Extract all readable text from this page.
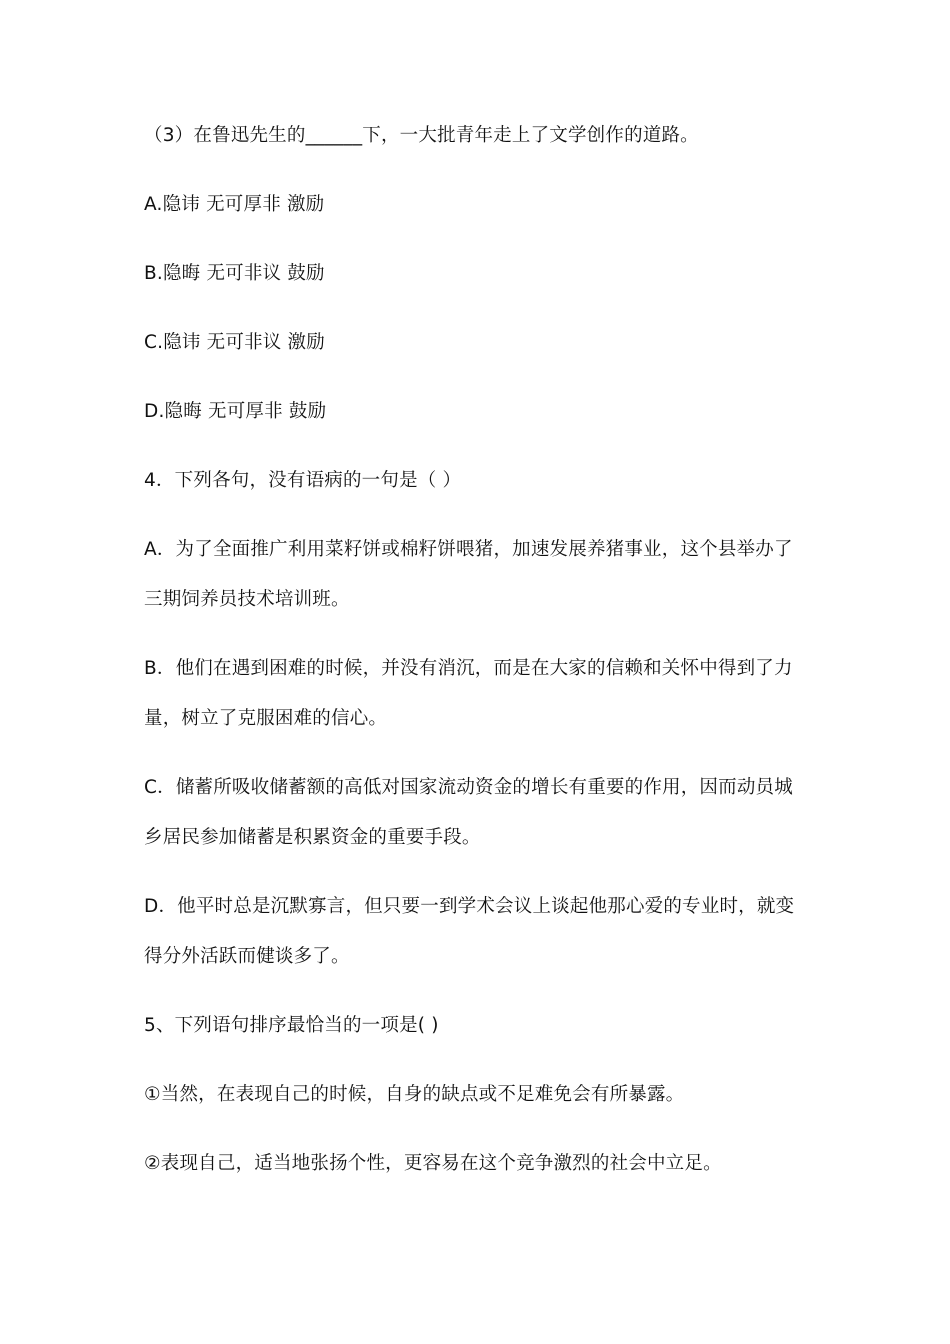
（3）在鲁迅先生的______下，一大批青年走上了文学创作的道路。
A.隐讳 无可厚非 激励
B.隐晦 无可非议 鼓励
C.隐讳 无可非议 激励
D.隐晦 无可厚非 鼓励
4．下列各句，没有语病的一句是（ ）
A．为了全面推广利用菜籽饼或棉籽饼喂猪，加速发展养猪事业，这个县举办了
三期饲养员技术培训班。
B．他们在遇到困难的时候，并没有消沉，而是在大家的信赖和关怀中得到了力
量，树立了克服困难的信心。
C．储蓄所吸收储蓄额的高低对国家流动资金的增长有重要的作用，因而动员城
乡居民参加储蓄是积累资金的重要手段。
D．他平时总是沉默寡言，但只要一到学术会议上谈起他那心爱的专业时，就变
得分外活跃而健谈多了。
5、下列语句排序最恰当的一项是( )
①当然，在表现自己的时候，自身的缺点或不足难免会有所暴露。
②表现自己，适当地张扬个性，更容易在这个竞争激烈的社会中立足。
